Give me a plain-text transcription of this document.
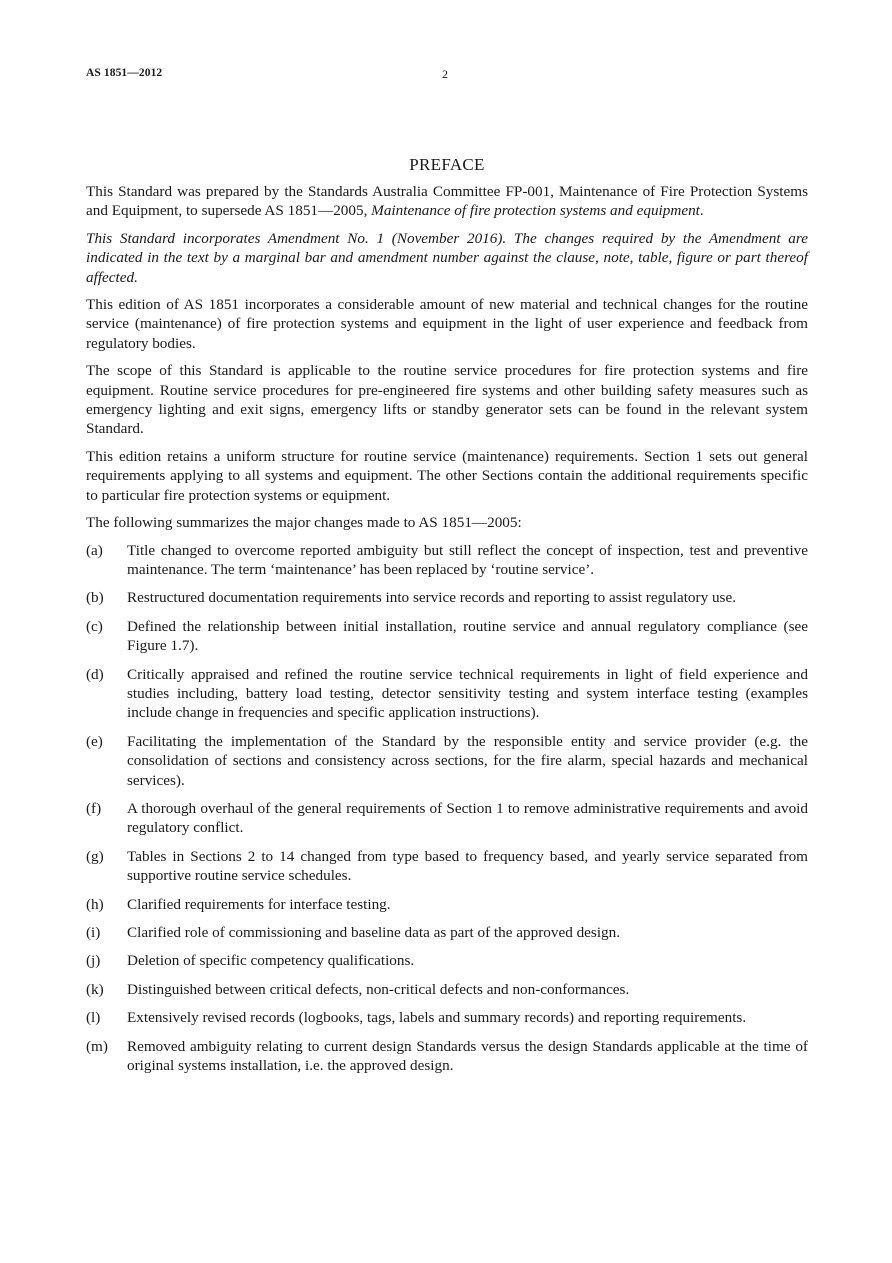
AS 1851—2012	2
PREFACE

This Standard was prepared by the Standards Australia Committee FP-001, Maintenance of Fire Protection Systems and Equipment, to supersede AS 1851—2005, Maintenance of fire protection systems and equipment.

This Standard incorporates Amendment No. 1 (November 2016). The changes required by the Amendment are indicated in the text by a marginal bar and amendment number against the clause, note, table, figure or part thereof affected.

This edition of AS 1851 incorporates a considerable amount of new material and technical changes for the routine service (maintenance) of fire protection systems and equipment in the light of user experience and feedback from regulatory bodies.

The scope of this Standard is applicable to the routine service procedures for fire protection systems and fire equipment. Routine service procedures for pre-engineered fire systems and other building safety measures such as emergency lighting and exit signs, emergency lifts or standby generator sets can be found in the relevant system Standard.

This edition retains a uniform structure for routine service (maintenance) requirements. Section 1 sets out general requirements applying to all systems and equipment. The other Sections contain the additional requirements specific to particular fire protection systems or equipment.

The following summarizes the major changes made to AS 1851—2005:

(a)	Title changed to overcome reported ambiguity but still reflect the concept of inspection, test and preventive maintenance. The term ‘maintenance’ has been replaced by ‘routine service’.
(b)	Restructured documentation requirements into service records and reporting to assist regulatory use.
(c)	Defined the relationship between initial installation, routine service and annual regulatory compliance (see Figure 1.7).
(d)	Critically appraised and refined the routine service technical requirements in light of field experience and studies including, battery load testing, detector sensitivity testing and system interface testing (examples include change in frequencies and specific application instructions).
(e)	Facilitating the implementation of the Standard by the responsible entity and service provider (e.g. the consolidation of sections and consistency across sections, for the fire alarm, special hazards and mechanical services).
(f)	A thorough overhaul of the general requirements of Section 1 to remove administrative requirements and avoid regulatory conflict.
(g)	Tables in Sections 2 to 14 changed from type based to frequency based, and yearly service separated from supportive routine service schedules.
(h)	Clarified requirements for interface testing.
(i)	Clarified role of commissioning and baseline data as part of the approved design.
(j)	Deletion of specific competency qualifications.
(k)	Distinguished between critical defects, non-critical defects and non-conformances.
(l)	Extensively revised records (logbooks, tags, labels and summary records) and reporting requirements.
(m)	Removed ambiguity relating to current design Standards versus the design Standards applicable at the time of original systems installation, i.e. the approved design.
